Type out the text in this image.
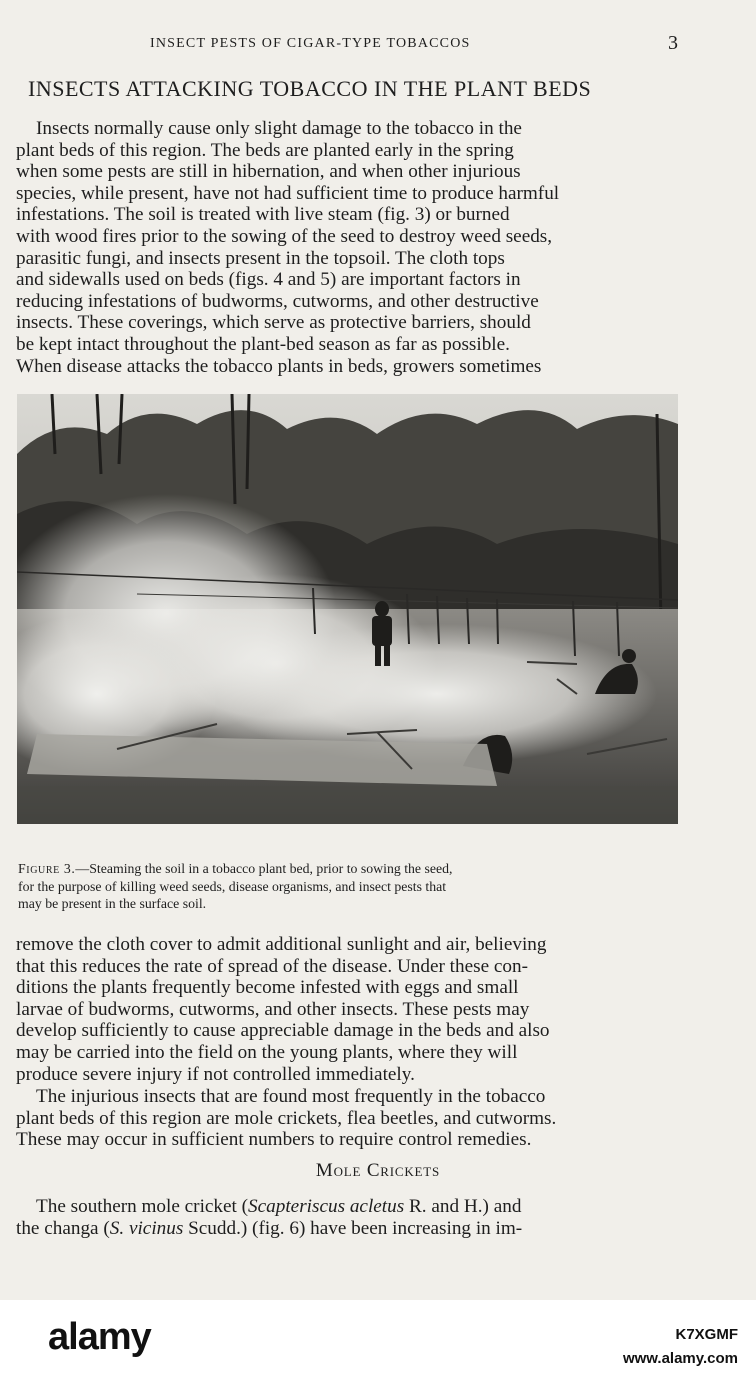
INSECT PESTS OF CIGAR-TYPE TOBACCOS	3
INSECTS ATTACKING TOBACCO IN THE PLANT BEDS
Insects normally cause only slight damage to the tobacco in the
plant beds of this region. The beds are planted early in the spring
when some pests are still in hibernation, and when other injurious
species, while present, have not had sufficient time to produce harmful
infestations. The soil is treated with live steam (fig. 3) or burned
with wood fires prior to the sowing of the seed to destroy weed seeds,
parasitic fungi, and insects present in the topsoil. The cloth tops
and sidewalls used on beds (figs. 4 and 5) are important factors in
reducing infestations of budworms, cutworms, and other destructive
insects. These coverings, which serve as protective barriers, should
be kept intact throughout the plant-bed season as far as possible.
When disease attacks the tobacco plants in beds, growers sometimes
Figure 3.—Steaming the soil in a tobacco plant bed, prior to sowing the seed,
for the purpose of killing weed seeds, disease organisms, and insect pests that
may be present in the surface soil.
remove the cloth cover to admit additional sunlight and air, believing
that this reduces the rate of spread of the disease. Under these con-
ditions the plants frequently become infested with eggs and small
larvae of budworms, cutworms, and other insects. These pests may
develop sufficiently to cause appreciable damage in the beds and also
may be carried into the field on the young plants, where they will
produce severe injury if not controlled immediately.
The injurious insects that are found most frequently in the tobacco
plant beds of this region are mole crickets, flea beetles, and cutworms.
These may occur in sufficient numbers to require control remedies.
Mole Crickets
The southern mole cricket (Scapteriscus acletus R. and H.) and
the changa (S. vicinus Scudd.) (fig. 6) have been increasing in im-
alamy	K7XGMF
www.alamy.com
